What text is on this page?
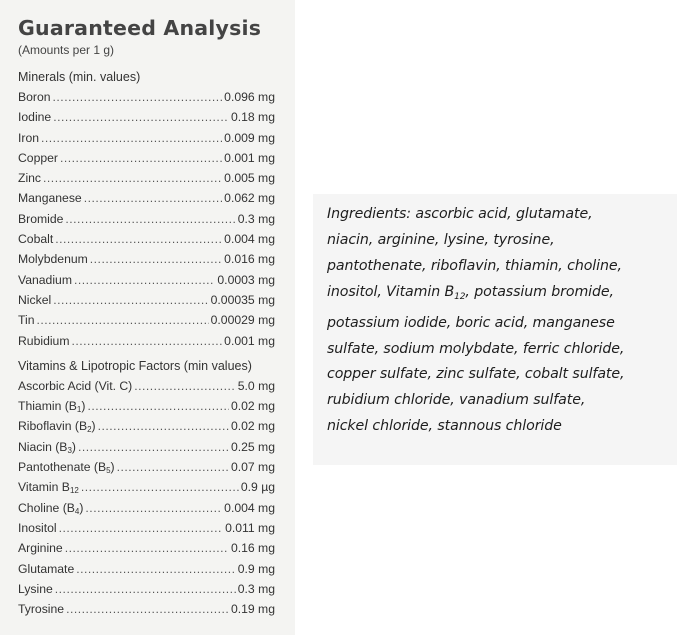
Guaranteed Analysis
(Amounts per 1 g)
Minerals (min. values)
Boron .....	0.096 mg
Iodine .....	0.18 mg
Iron .....	0.009 mg
Copper .....	0.001 mg
Zinc .....	0.005 mg
Manganese .....	0.062 mg
Bromide .....	0.3 mg
Cobalt .....	0.004 mg
Molybdenum .....	0.016 mg
Vanadium .....	0.0003 mg
Nickel .....	0.00035 mg
Tin .....	0.00029 mg
Rubidium .....	0.001 mg
Vitamins & Lipotropic Factors (min values)
Ascorbic Acid (Vit. C) .....	5.0 mg
Thiamin $(B_1)$ .....	0.02 mg
Riboflavin $(B_2)$ .....	0.02 mg
Niacin $(B_3)$ .....	0.25 mg
Pantothenate $(B_5)$ .....	0.07 mg
Vitamin $B_{12}$ .....	0.9 µg
Choline $(B_4)$ .....	0.004 mg
Inositol .....	0.011 mg
Arginine .....	0.16 mg
Glutamate .....	0.9 mg
Lysine .....	0.3 mg
Tyrosine .....	0.19 mg

Ingredients: ascorbic acid, glutamate,
niacin, arginine, lysine, tyrosine,
pantothenate, riboflavin, thiamin, choline,
inositol, Vitamin $B_{12}$, potassium bromide,
potassium iodide, boric acid, manganese
sulfate, sodium molybdate, ferric chloride,
copper sulfate, zinc sulfate, cobalt sulfate,
rubidium chloride, vanadium sulfate,
nickel chloride, stannous chloride
